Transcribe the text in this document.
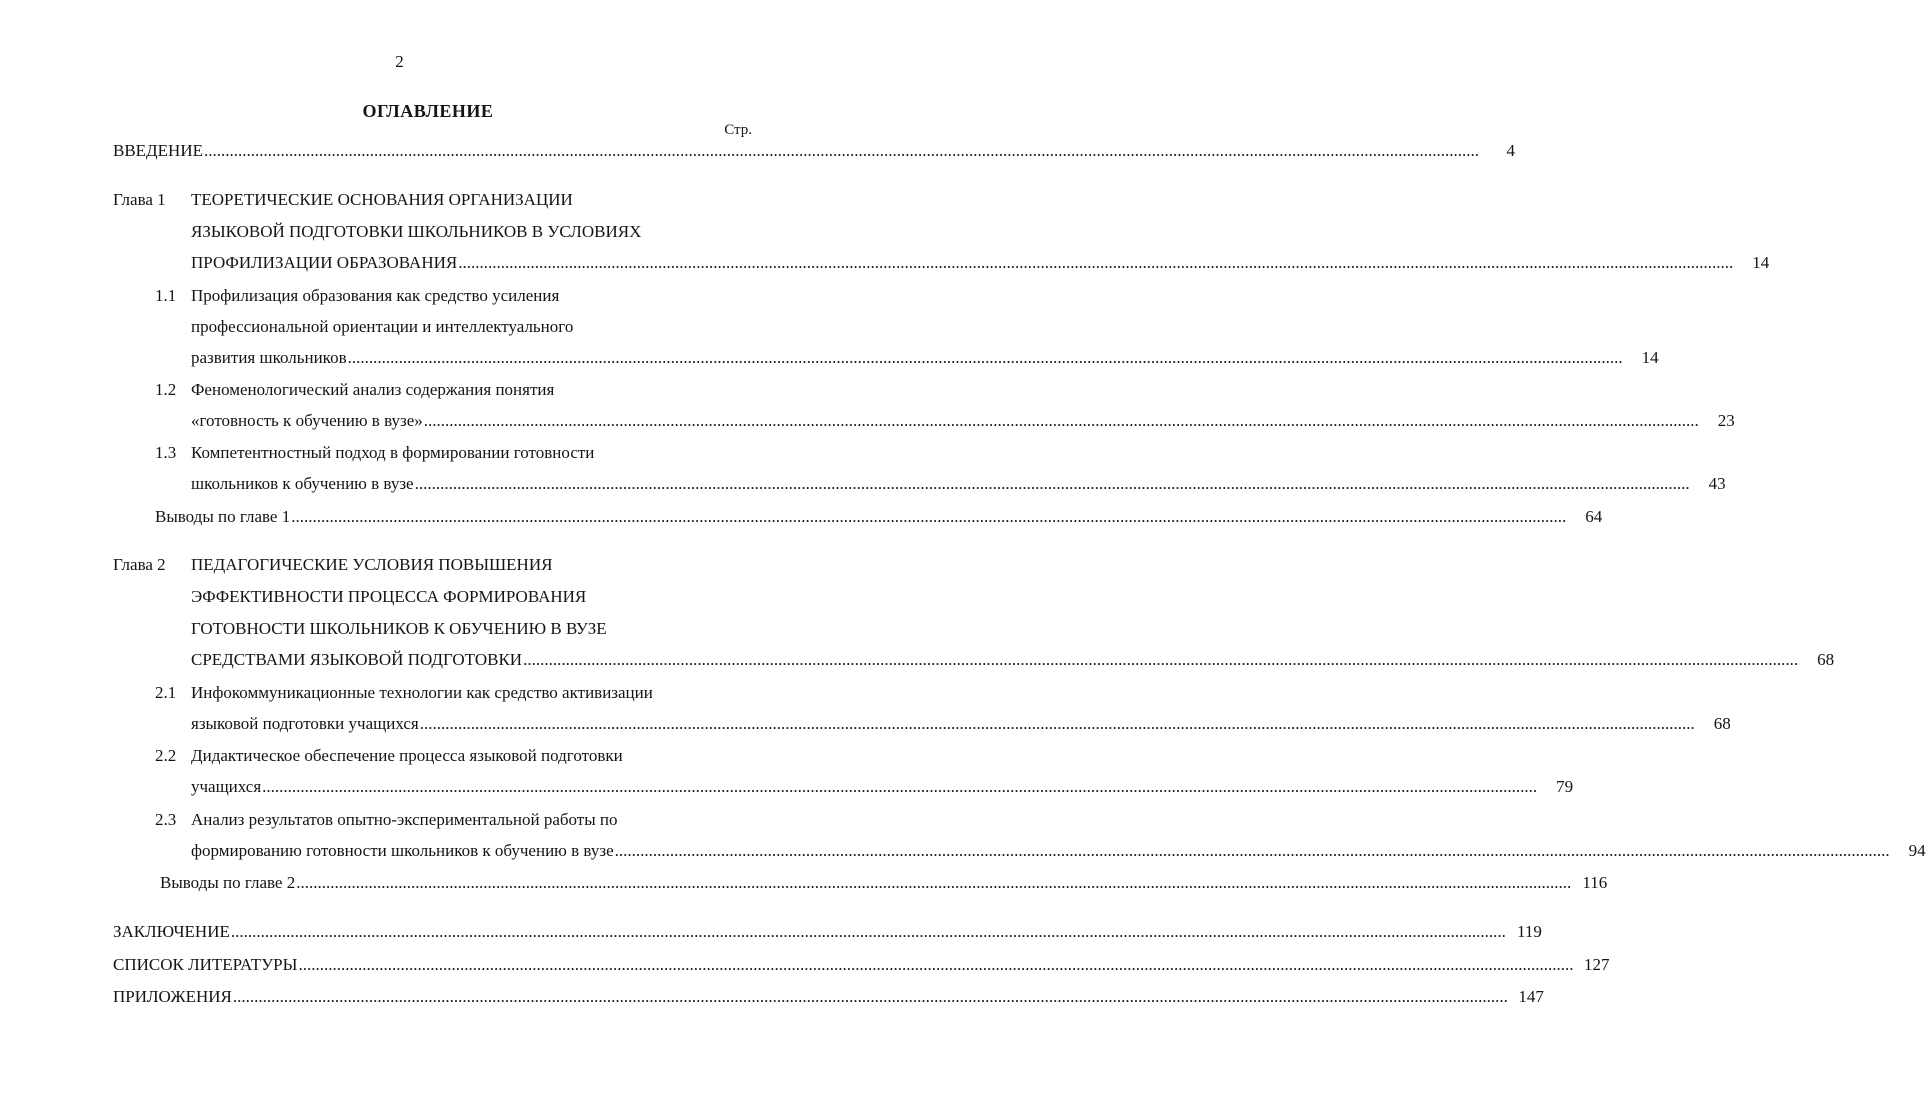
2
ОГЛАВЛЕНИЕ
Стр.
ВВЕДЕНИЕ ............................................................................................................................................................................................................................................................................................................	4
Глава 1 ТЕОРЕТИЧЕСКИЕ ОСНОВАНИЯ ОРГАНИЗАЦИИ
ЯЗЫКОВОЙ ПОДГОТОВКИ ШКОЛЬНИКОВ В УСЛОВИЯХ
ПРОФИЛИЗАЦИИ ОБРАЗОВАНИЯ ............................................................................................................................................................................................................................................................................................................	14
1.1 Профилизация образования как средство усиления
профессиональной ориентации и интеллектуального
развития школьников ............................................................................................................................................................................................................................................................................................................	14
1.2 Феноменологический анализ содержания понятия
«готовность к обучению в вузе» ............................................................................................................................................................................................................................................................................................................	23
1.3 Компетентностный подход в формировании готовности
школьников к обучению в вузе ............................................................................................................................................................................................................................................................................................................	43
Выводы по главе 1 ............................................................................................................................................................................................................................................................................................................	64
Глава 2 ПЕДАГОГИЧЕСКИЕ УСЛОВИЯ ПОВЫШЕНИЯ
ЭФФЕКТИВНОСТИ ПРОЦЕССА ФОРМИРОВАНИЯ
ГОТОВНОСТИ ШКОЛЬНИКОВ К ОБУЧЕНИЮ В ВУЗЕ
СРЕДСТВАМИ ЯЗЫКОВОЙ ПОДГОТОВКИ ............................................................................................................................................................................................................................................................................................................	68
2.1 Инфокоммуникационные технологии как средство активизации
языковой подготовки учащихся ............................................................................................................................................................................................................................................................................................................	68
2.2 Дидактическое обеспечение процесса языковой подготовки
учащихся ............................................................................................................................................................................................................................................................................................................	79
2.3 Анализ результатов опытно-экспериментальной работы по
формированию готовности школьников к обучению в вузе ............................................................................................................................................................................................................................................................................................................	94
Выводы по главе 2 ............................................................................................................................................................................................................................................................................................................ 116
ЗАКЛЮЧЕНИЕ ............................................................................................................................................................................................................................................................................................................ 119
СПИСОК ЛИТЕРАТУРЫ ............................................................................................................................................................................................................................................................................................................ 127
ПРИЛОЖЕНИЯ ............................................................................................................................................................................................................................................................................................................ 147
